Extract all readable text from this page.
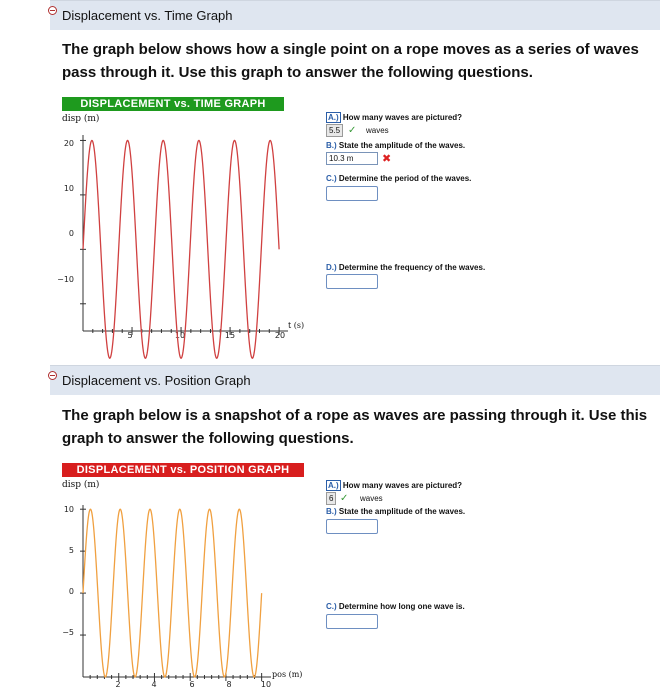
Displacement vs. Time Graph
The graph below shows how a single point on a rope moves as a series of waves pass through it. Use this graph to answer the following questions.
DISPLACEMENT vs. TIME GRAPH
disp (m)
20
10
0
−10
5	10	15	20
t (s)
A.) How many waves are pictured?
5.5 ✓ waves
B.) State the amplitude of the waves.
10.3 m	✖
C.) Determine the period of the waves.
D.) Determine the frequency of the waves.
Displacement vs. Position Graph
The graph below is a snapshot of a rope as waves are passing through it. Use this graph to answer the following questions.
DISPLACEMENT vs. POSITION GRAPH
disp (m)
10
5
0
−5
2	4	6	8	10
pos (m)
A.) How many waves are pictured?
6 ✓ waves
B.) State the amplitude of the waves.
C.) Determine how long one wave is.
